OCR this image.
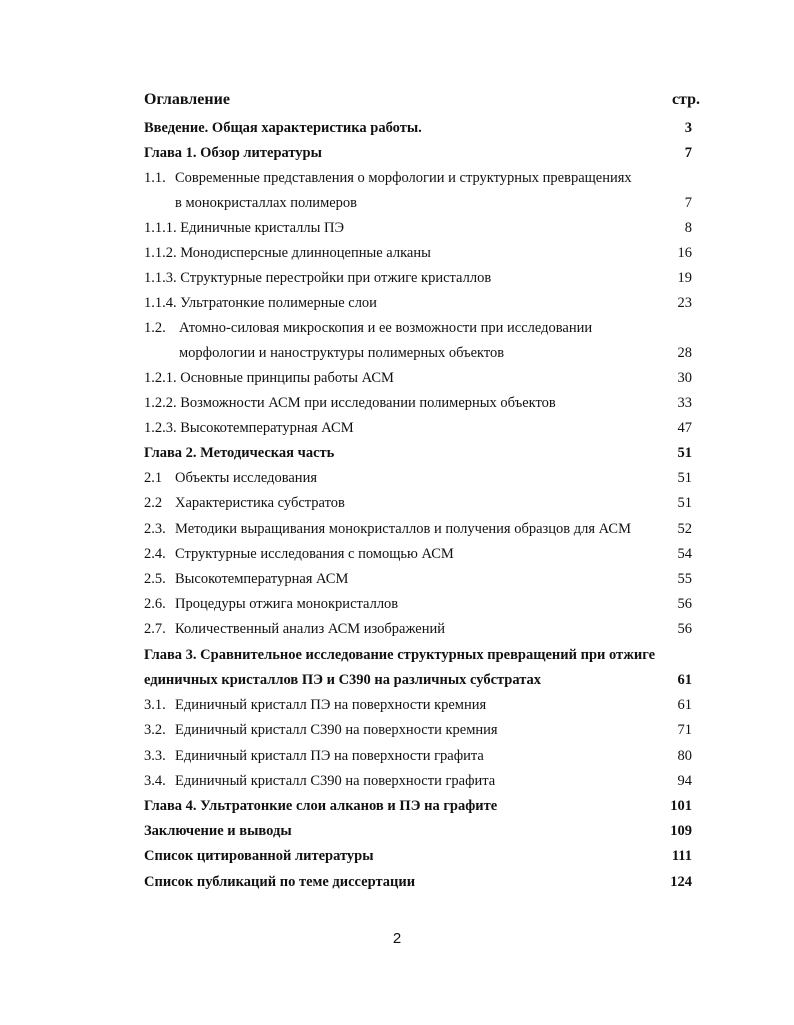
Оглавление	стр.
Введение. Общая характеристика работы.	3
Глава 1. Обзор литературы	7
1.1. Современные представления о морфологии и структурных превращениях
в монокристаллах полимеров	7
1.1.1. Единичные кристаллы ПЭ	8
1.1.2. Монодисперсные длинноцепные алканы	16
1.1.3. Структурные перестройки при отжиге кристаллов	19
1.1.4. Ультратонкие полимерные слои	23
1.2. Атомно-силовая микроскопия и ее возможности при исследовании
морфологии и наноструктуры полимерных объектов	28
1.2.1. Основные принципы работы АСМ	30
1.2.2. Возможности АСМ при исследовании полимерных объектов	33
1.2.3. Высокотемпературная АСМ	47
Глава 2. Методическая часть	51
2.1 Объекты исследования	51
2.2 Характеристика субстратов	51
2.3. Методики выращивания монокристаллов и получения образцов для АСМ	52
2.4. Структурные исследования с помощью АСМ	54
2.5. Высокотемпературная АСМ	55
2.6. Процедуры отжига монокристаллов	56
2.7. Количественный анализ АСМ изображений	56
Глава 3. Сравнительное исследование структурных превращений при отжиге
единичных кристаллов ПЭ и С390 на различных субстратах	61
3.1. Единичный кристалл ПЭ на поверхности кремния	61
3.2. Единичный кристалл С390 на поверхности кремния	71
3.3. Единичный кристалл ПЭ на поверхности графита	80
3.4. Единичный кристалл С390 на поверхности графита	94
Глава 4. Ультратонкие слои алканов и ПЭ на графите	101
Заключение и выводы	109
Список цитированной литературы	111
Список публикаций по теме диссертации	124
2
